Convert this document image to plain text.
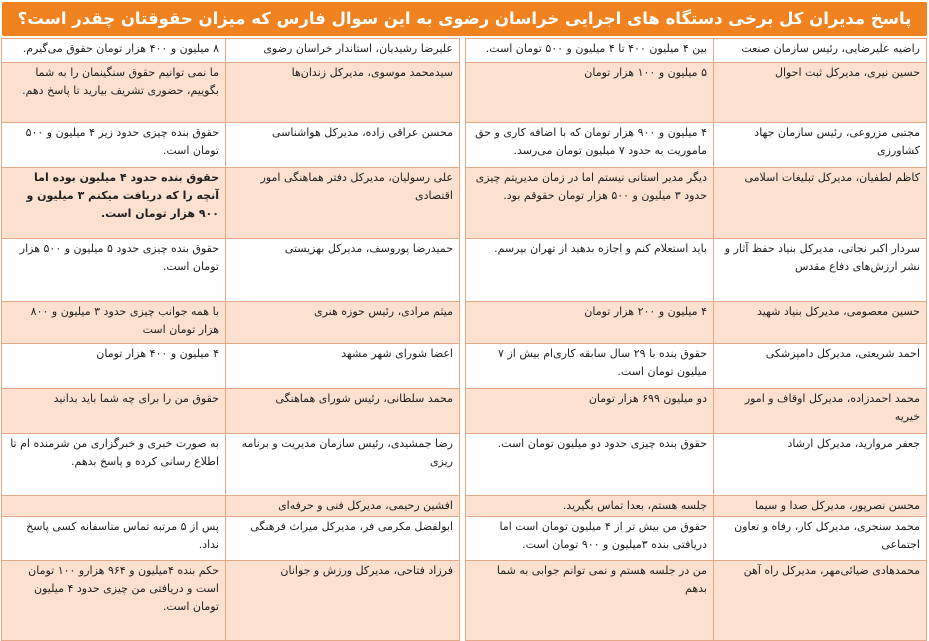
پاسخ مدیران کل برخی دستگاه های اجرایی خراسان رضوی به این سوال فارس که میزان حقوقتان چقدر است؟
راضیه علیرضایی، رئیس سازمان صنعت	بین ۴ میلیون ۴۰۰ تا ۴ میلیون و ۵۰۰ تومان است.
حسین نیری، مدیرکل ثبت احوال	۵ میلیون و ۱۰۰ هزار تومان
مجتبی مزروعی، رئیس سازمان جهاد کشاورزی	۴ میلیون و ۹۰۰ هزار تومان که با اضافه کاری و حق ماموریت به حدود ۷ میلیون تومان می‌رسد.
کاظم لطفیان، مدیرکل تبلیغات اسلامی	دیگر مدیر استانی نیستم اما در زمان مدیریتم چیزی حدود ۳ میلیون و ۵۰۰ هزار تومان حقوقم بود.
سردار اکبر نجاتی، مدیرکل بنیاد حفظ آثار و نشر ارزش‌های دفاع مقدس	باید استعلام کنم و اجازه بدهید از تهران بپرسم.
حسین معصومی، مدیرکل بنیاد شهید	۴ میلیون و ۲۰۰ هزار تومان
احمد شریعتی، مدیرکل دامپزشکی	حقوق بنده با ۲۹ سال سابقه کاری‌ام بیش از ۷ میلیون تومان است.
محمد احمدزاده، مدیرکل اوقاف و امور خیریه	دو میلیون ۶۹۹ هزار تومان
جعفر مرواريد، مديركل ارشاد	حقوق بنده چیزی حدود دو میلیون تومان است.
محسن نصرپور، مدیرکل صدا و سیما	جلسه هستم، بعدا تماس بگیرید.
محمد سنجری، مدیرکل کار، رفاه و تعاون اجتماعی	حقوق من بیش تر از ۴ میلیون تومان است اما دریافتی بنده ۳میلیون و ۹۰۰ تومان است.
محمدهادی ضیائی‌مهر، مدیرکل راه آهن	من در جلسه هستم و نمی توانم جوابی به شما بدهم
علیرضا رشیدیان، استاندار خراسان رضوی	۸ میلیون و ۴۰۰ هزار تومان حقوق می‌گیرم.
سیدمحمد موسوی، مدیرکل زندان‌ها	ما نمی توانیم حقوق سنگینمان را به شما بگوییم، حضوری تشریف بیارید تا پاسخ دهم.
محسن عراقی زاده، مدیرکل هواشناسی	حقوق بنده چیزی حدود زیر ۴ میلیون و ۵۰۰ تومان است.
علی رسولیان، مدیرکل دفتر هماهنگی امور اقتصادی	حقوق بنده حدود ۴ میلیون بوده اما آنچه را که دریافت میکنم ۳ میلیون و ۹۰۰ هزار تومان است.
حمیدرضا پوروسف، مدیرکل بهزیستی	حقوق بنده چیزی حدود ۵ میلیون و ۵۰۰ هزار تومان است.
میثم مرادی، رئیس حوزه هنری	با همه جوانب چیزی حدود ۳ میلیون و ۸۰۰ هزار تومان است
اعضا شورای شهر مشهد	۴ میلیون و ۴۰۰ هزار تومان
محمد سلطانی، رئیس شورای هماهنگی	حقوق من را برای چه شما باید بدانید
رضا جمشیدی، رئیس سازمان مدیریت و برنامه ریزی	به صورت خبری و خبرگزاری من شرمنده ام تا اطلاع رسانی کرده و پاسخ بدهم.
افشین رحیمی، مدیرکل فنی و حرفه‌ای	
ابولفضل مکرمی فر، مدیرکل میراث فرهنگی	پس از ۵ مرتبه تماس متاسفانه کسی پاسخ نداد.
فرزاد فتاحی، مدیرکل ورزش و جوانان	حکم بنده ۴میلیون و ۹۶۴ هزارو ۱۰۰ تومان است و دریافتی من چیزی حدود ۴ میلیون تومان است.
